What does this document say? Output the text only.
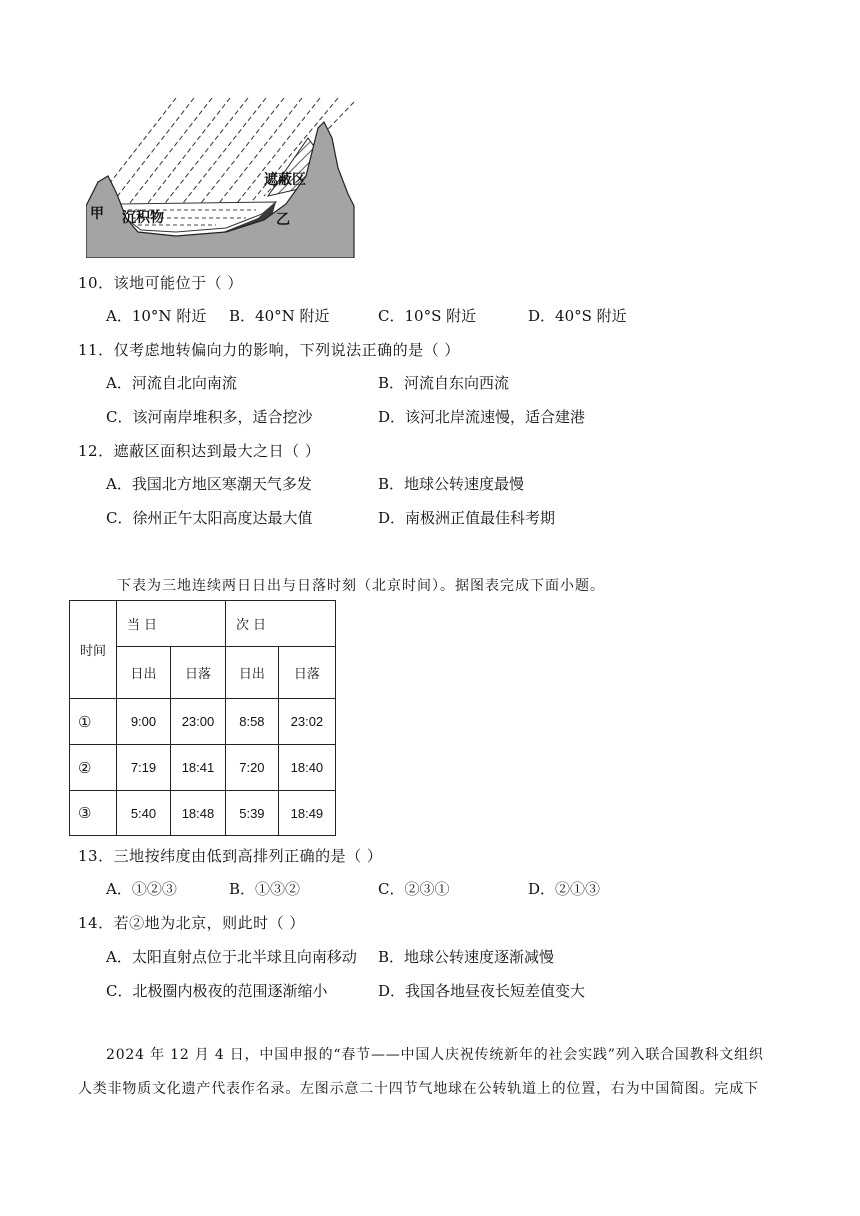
甲 沉积物	乙
遮蔽区
10．该地可能位于（ ）
A．10°N 附近 B．40°N 附近	C．10°S 附近	D．40°S 附近
11．仅考虑地转偏向力的影响，下列说法正确的是（ ）
A．河流自北向南流	B．河流自东向西流
C．该河南岸堆积多，适合挖沙	D．该河北岸流速慢，适合建港
12．遮蔽区面积达到最大之日（ ）
A．我国北方地区寒潮天气多发	B．地球公转速度最慢
C．徐州正午太阳高度达最大值	D．南极洲正值最佳科考期
下表为三地连续两日日出与日落时刻（北京时间）。据图表完成下面小题。
时间	当日		次日	
	日出	日落	日出	日落
①	9:00	23:00	8:58	23:02
②	7:19	18:41	7:20	18:40
③	5:40	18:48	5:39	18:49
13．三地按纬度由低到高排列正确的是（ ）
A．①②③	B．①③②	C．②③①	D．②①③
14．若②地为北京，则此时（ ）
A．太阳直射点位于北半球且向南移动 B．地球公转速度逐渐减慢
C．北极圈内极夜的范围逐渐缩小	D．我国各地昼夜长短差值变大
2024 年 12 月 4 日，中国申报的“春节——中国人庆祝传统新年的社会实践”列入联合国教科文组织人类非物质文化遗产代表作名录。左图示意二十四节气地球在公转轨道上的位置，右为中国简图。完成下
